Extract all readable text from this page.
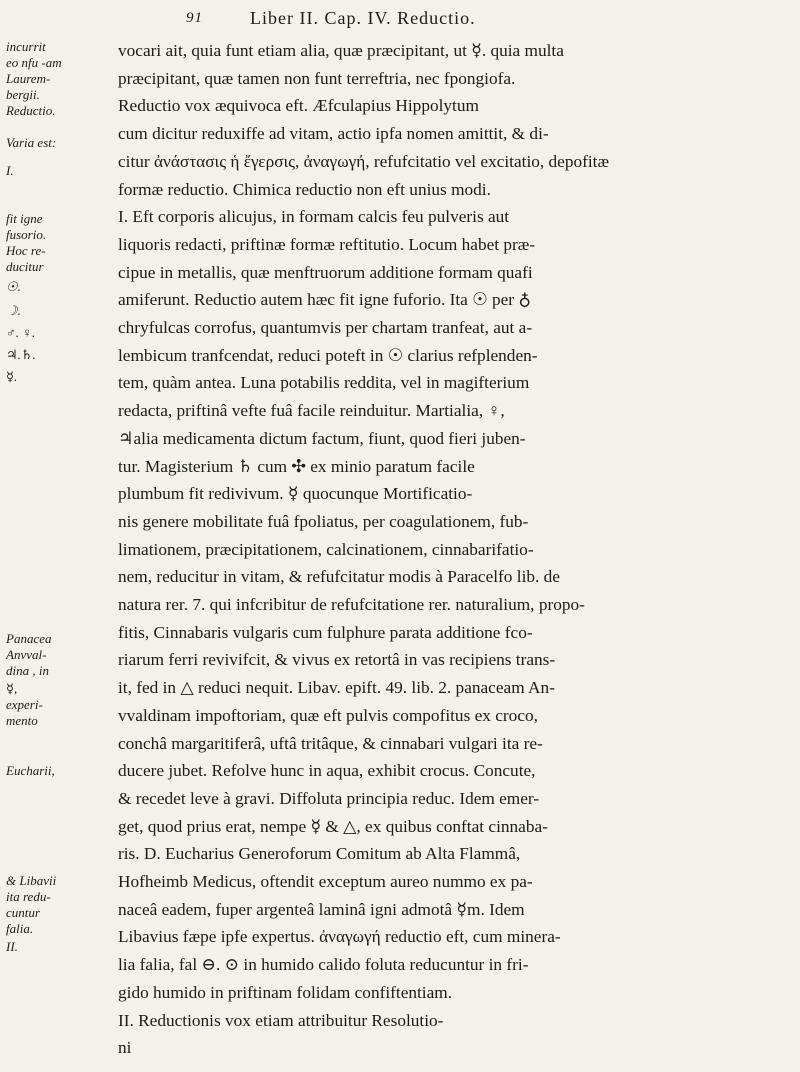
91	Liber II. Cap. IV. Reductio.
incurrit
eo nfu -am
Laurem-
bergii.
Reductio.
Varia est:
I.
fit igne
fusorio.
Hoc re-
ducitur
☉.
☽.
♂. ♀.
♃.♄.
☿.
Panacea
Anvval-
dina , in
☿,
experi-
mento
Eucharii,
& Libavii
ita redu-
cuntur
falia.
II.
vocari ait, quia funt etiam alia, quæ præcipitant, ut ☿. quia multa
præcipitant, quæ tamen non funt terreftria, nec fpongiofa.
Reductio vox æquivoca eft. Æfculapius Hippolytum
cum dicitur reduxiffe ad vitam, actio ipfa nomen amittit, & di-
citur ἀνάστασις ἡ ἔγερσις, ἀναγωγή, refufcitatio vel excitatio, depofitæ
formæ reductio. Chimica reductio non eft unius modi.
I. Eft corporis alicujus, in formam calcis feu pulveris aut
liquoris redacti, priftinæ formæ reftitutio. Locum habet præ-
cipue in metallis, quæ menftruorum additione formam quafi
amiferunt. Reductio autem hæc fit igne fuforio. Ita ☉ per ♁
chryfulcas corrofus, quantumvis per chartam tranfeat, aut a-
lembicum tranfcendat, reduci poteft in ☉ clarius refplenden-
tem, quàm antea. Luna potabilis reddita, vel in magifterium
redacta, priftinâ vefte fuâ facile reinduitur. Martialia, ♀,
♃alia medicamenta dictum factum, fiunt, quod fieri juben-
tur. Magisterium ♄ cum ✣ ex minio paratum facile
plumbum fit redivivum. ☿ quocunque Mortificatio-
nis genere mobilitate fuâ fpoliatus, per coagulationem, fub-
limationem, præcipitationem, calcinationem, cinnabarifatio-
nem, reducitur in vitam, & refufcitatur modis à Paracelfo lib. de
natura rer. 7. qui infcribitur de refufcitatione rer. naturalium, propo-
fitis, Cinnabaris vulgaris cum fulphure parata additione fco-
riarum ferri revivifcit, & vivus ex retortâ in vas recipiens trans-
it, fed in △ reduci nequit. Libav. epift. 49. lib. 2. panaceam An-
vvaldinam impoftoriam, quæ eft pulvis compofitus ex croco,
conchâ margaritiferâ, uftâ tritâque, & cinnabari vulgari ita re-
ducere jubet. Refolve hunc in aqua, exhibit crocus. Concute,
& recedet leve à gravi. Diffoluta principia reduc. Idem emer-
get, quod prius erat, nempe ☿ & △, ex quibus conftat cinnaba-
ris. D. Eucharius Generoforum Comitum ab Alta Flammâ,
Hofheimb Medicus, oftendit exceptum aureo nummo ex pa-
naceâ eadem, fuper argenteâ laminâ igni admotâ ☿m. Idem
Libavius fæpe ipfe expertus. ἀναγωγή reductio eft, cum minera-
lia falia, fal ⊖. ⊙ in humido calido foluta reducuntur in fri-
gido humido in priftinam folidam confiftentiam.
II. Reductionis vox etiam attribuitur Resolutio-
ni
